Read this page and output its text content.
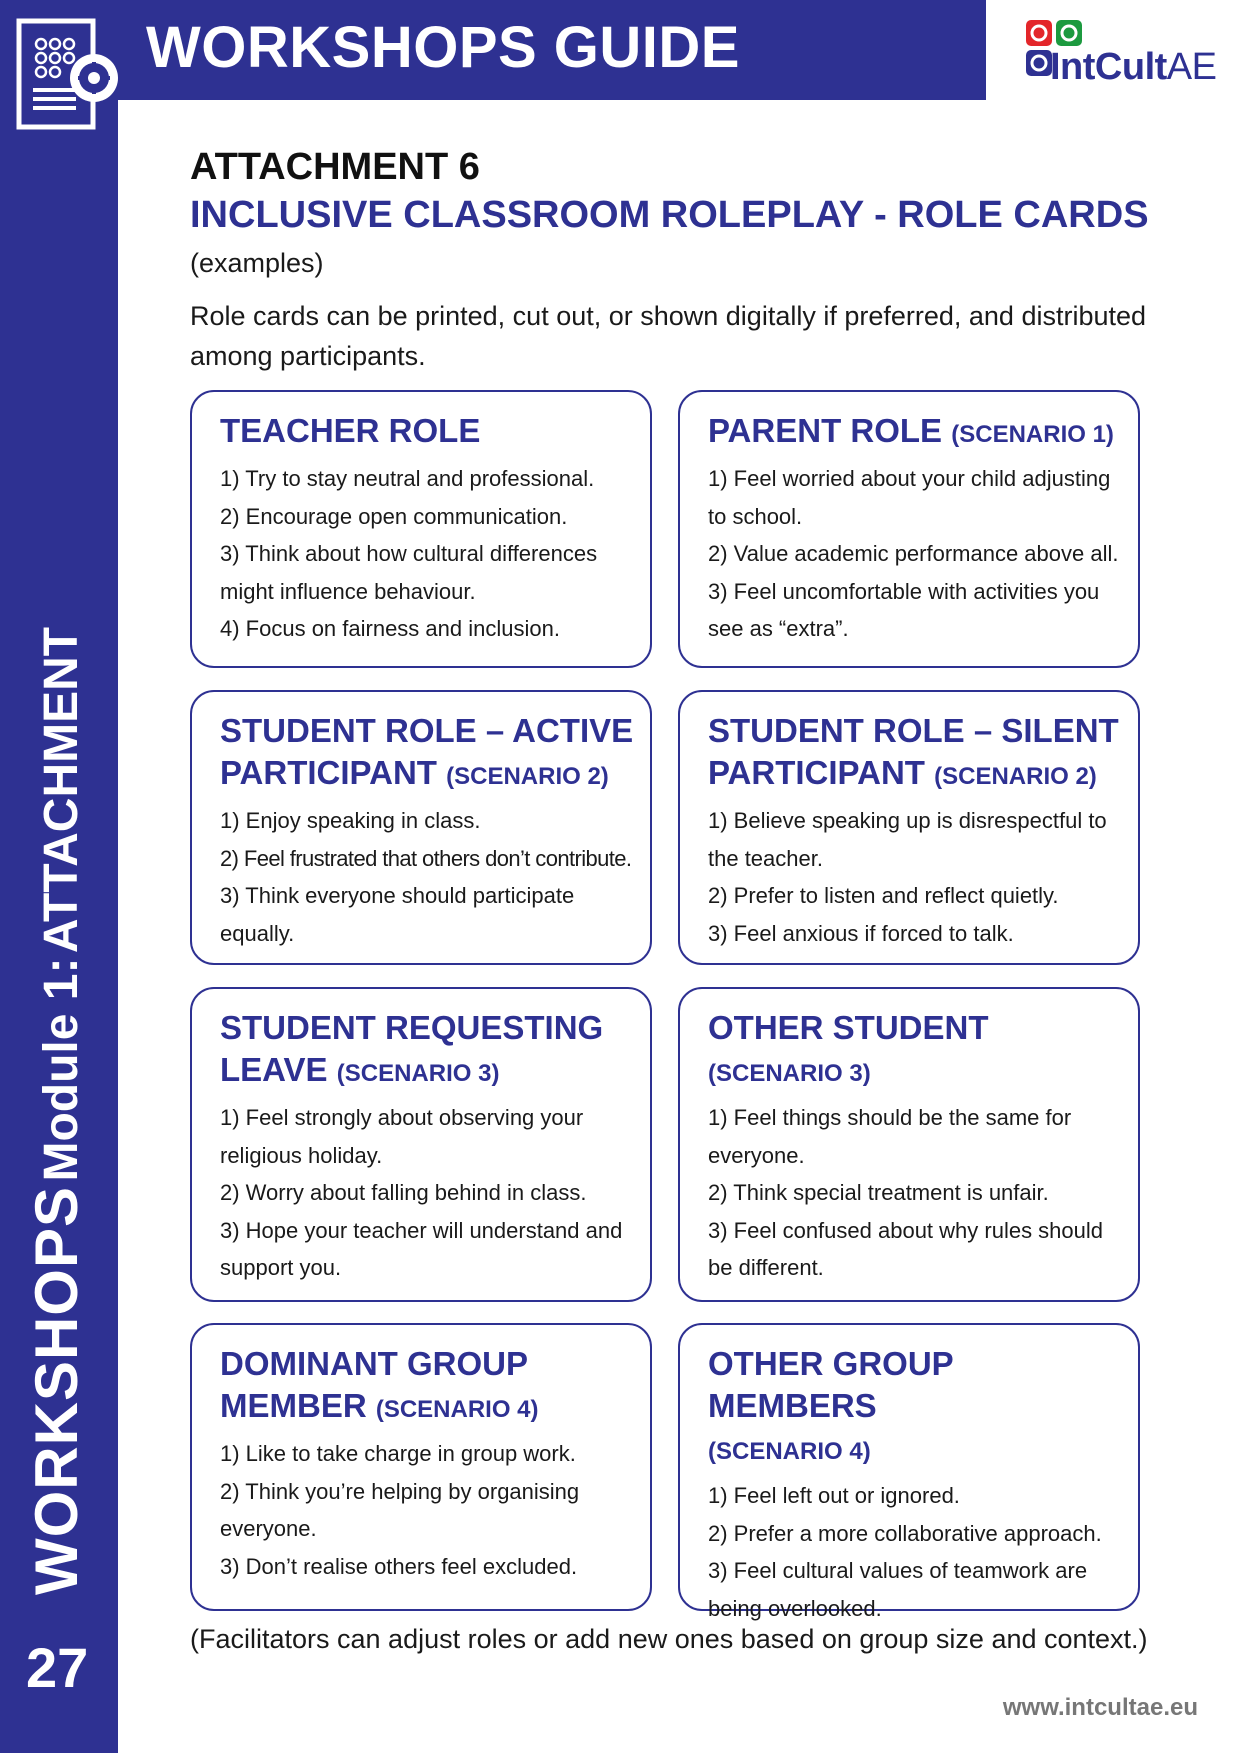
WORKSHOPS GUIDE	IntCultAE
WORKSHOPS Module 1: ATTACHMENT
27
ATTACHMENT 6
INCLUSIVE CLASSROOM ROLEPLAY - ROLE CARDS
(examples)
Role cards can be printed, cut out, or shown digitally if preferred, and distributed among participants.
TEACHER ROLE
1) Try to stay neutral and professional.
2) Encourage open communication.
3) Think about how cultural differences might influence behaviour.
4) Focus on fairness and inclusion.
PARENT ROLE (SCENARIO 1)
1) Feel worried about your child adjusting to school.
2) Value academic performance above all.
3) Feel uncomfortable with activities you see as “extra”.
STUDENT ROLE – ACTIVE PARTICIPANT (SCENARIO 2)
1) Enjoy speaking in class.
2) Feel frustrated that others don’t contribute.
3) Think everyone should participate equally.
STUDENT ROLE – SILENT PARTICIPANT (SCENARIO 2)
1) Believe speaking up is disrespectful to the teacher.
2) Prefer to listen and reflect quietly.
3) Feel anxious if forced to talk.
STUDENT REQUESTING LEAVE (SCENARIO 3)
1) Feel strongly about observing your religious holiday.
2) Worry about falling behind in class.
3) Hope your teacher will understand and support you.
OTHER STUDENT
(SCENARIO 3)
1) Feel things should be the same for everyone.
2) Think special treatment is unfair.
3) Feel confused about why rules should be different.
DOMINANT GROUP MEMBER (SCENARIO 4)
1) Like to take charge in group work.
2) Think you’re helping by organising everyone.
3) Don’t realise others feel excluded.
OTHER GROUP MEMBERS
(SCENARIO 4)
1) Feel left out or ignored.
2) Prefer a more collaborative approach.
3) Feel cultural values of teamwork are being overlooked.
(Facilitators can adjust roles or add new ones based on group size and context.)
www.intcultae.eu
